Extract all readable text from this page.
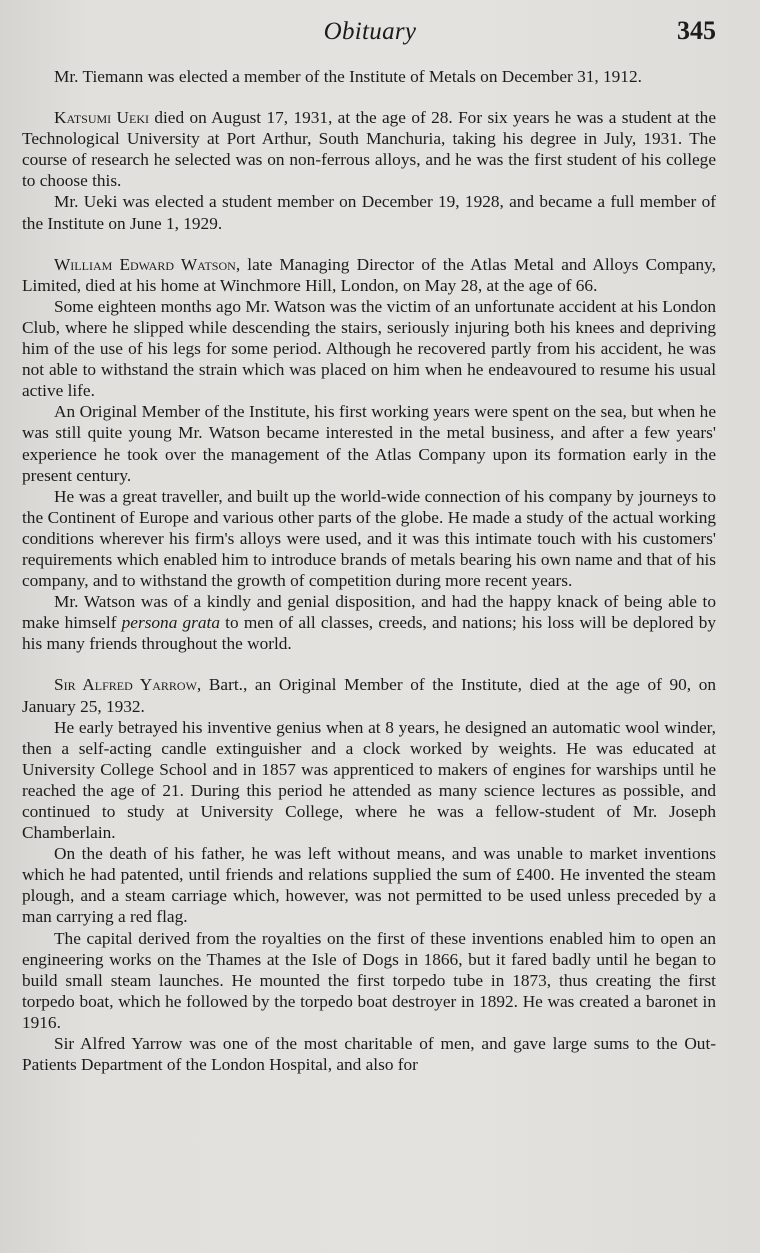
Obituary	345

Mr. Tiemann was elected a member of the Institute of Metals on December 31, 1912.

Katsumi Ueki died on August 17, 1931, at the age of 28. For six years he was a student at the Technological University at Port Arthur, South Manchuria, taking his degree in July, 1931. The course of research he selected was on non-ferrous alloys, and he was the first student of his college to choose this.

Mr. Ueki was elected a student member on December 19, 1928, and became a full member of the Institute on June 1, 1929.

William Edward Watson, late Managing Director of the Atlas Metal and Alloys Company, Limited, died at his home at Winchmore Hill, London, on May 28, at the age of 66.

Some eighteen months ago Mr. Watson was the victim of an unfortunate accident at his London Club, where he slipped while descending the stairs, seriously injuring both his knees and depriving him of the use of his legs for some period. Although he recovered partly from his accident, he was not able to withstand the strain which was placed on him when he endeavoured to resume his usual active life.

An Original Member of the Institute, his first working years were spent on the sea, but when he was still quite young Mr. Watson became interested in the metal business, and after a few years' experience he took over the management of the Atlas Company upon its formation early in the present century.

He was a great traveller, and built up the world-wide connection of his company by journeys to the Continent of Europe and various other parts of the globe. He made a study of the actual working conditions wherever his firm's alloys were used, and it was this intimate touch with his customers' requirements which enabled him to introduce brands of metals bearing his own name and that of his company, and to withstand the growth of competition during more recent years.

Mr. Watson was of a kindly and genial disposition, and had the happy knack of being able to make himself persona grata to men of all classes, creeds, and nations; his loss will be deplored by his many friends throughout the world.

Sir Alfred Yarrow, Bart., an Original Member of the Institute, died at the age of 90, on January 25, 1932.

He early betrayed his inventive genius when at 8 years, he designed an automatic wool winder, then a self-acting candle extinguisher and a clock worked by weights. He was educated at University College School and in 1857 was apprenticed to makers of engines for warships until he reached the age of 21. During this period he attended as many science lectures as possible, and continued to study at University College, where he was a fellow-student of Mr. Joseph Chamberlain.

On the death of his father, he was left without means, and was unable to market inventions which he had patented, until friends and relations supplied the sum of £400. He invented the steam plough, and a steam carriage which, however, was not permitted to be used unless preceded by a man carrying a red flag.

The capital derived from the royalties on the first of these inventions enabled him to open an engineering works on the Thames at the Isle of Dogs in 1866, but it fared badly until he began to build small steam launches. He mounted the first torpedo tube in 1873, thus creating the first torpedo boat, which he followed by the torpedo boat destroyer in 1892. He was created a baronet in 1916.

Sir Alfred Yarrow was one of the most charitable of men, and gave large sums to the Out-Patients Department of the London Hospital, and also for
